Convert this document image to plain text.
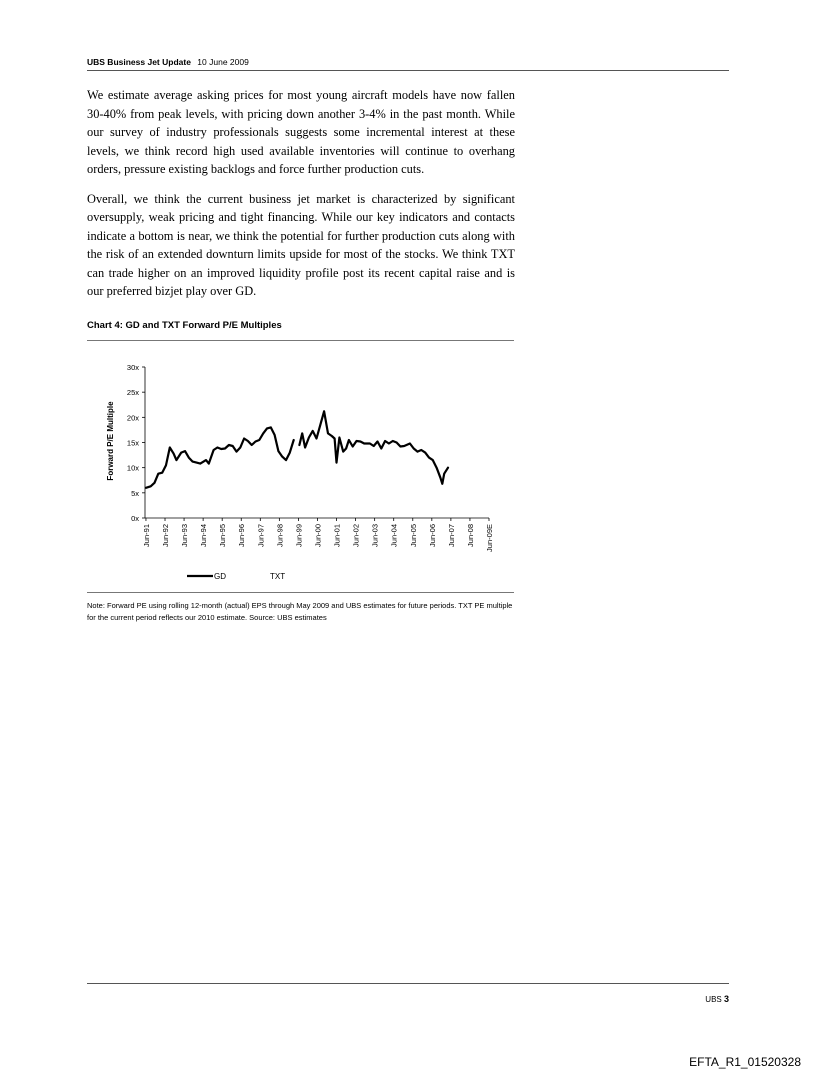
UBS Business Jet Update 10 June 2009

We estimate average asking prices for most young aircraft models have now fallen 30-40% from peak levels, with pricing down another 3-4% in the past month. While our survey of industry professionals suggests some incremental interest at these levels, we think record high used available inventories will continue to overhang orders, pressure existing backlogs and force further production cuts.

Overall, we think the current business jet market is characterized by significant oversupply, weak pricing and tight financing. While our key indicators and contacts indicate a bottom is near, we think the potential for further production cuts along with the risk of an extended downturn limits upside for most of the stocks. We think TXT can trade higher on an improved liquidity profile post its recent capital raise and is our preferred bizjet play over GD.

Chart 4: GD and TXT Forward P/E Multiples
0x
5x
10x
15x
20x
25x
30x
Jun-91 Jun-92 Jun-93 Jun-94 Jun-95 Jun-96 Jun-97 Jun-98 Jun-99 Jun-00 Jun-01 Jun-02 Jun-03 Jun-04 Jun-05 Jun-06 Jun-07 Jun-08 Jun-09E
Forward P/E Multiple
GD	TXT
Note: Forward PE using rolling 12-month (actual) EPS through May 2009 and UBS estimates for future periods. TXT PE multiple for the current period reflects our 2010 estimate. Source: UBS estimates
UBS 3
EFTA_R1_01520328
